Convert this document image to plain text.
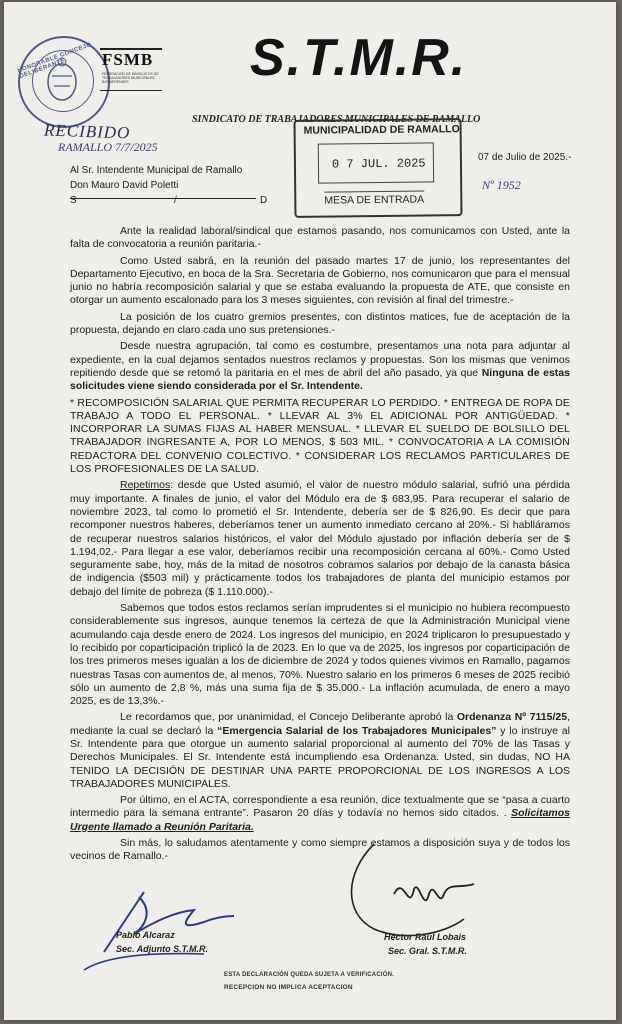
HONORABLE CONCEJO DELIBERANTE	FSMB
FEDERACION DE SINDICATOS DE TRABAJADORES MUNICIPALES BONAERENSES	S.T.M.R.
SINDICATO DE TRABAJADORES MUNICIPALES DE RAMALLO
RECIBIDO
RAMALLO 7/7/2025
MUNICIPALIDAD DE RAMALLO
0 7 JUL. 2025
MESA DE ENTRADA
Nº 1952
07 de Julio de 2025.-
Al Sr. Intendente Municipal de Ramallo
Don Mauro David Poletti
S	/	D

Ante la realidad laboral/sindical que estamos pasando, nos comunicamos con Usted, ante la falta de convocatoria a reunión paritaria.-

Como Usted sabrá, en la reunión del pasado martes 17 de junio, los representantes del Departamento Ejecutivo, en boca de la Sra. Secretaria de Gobierno, nos comunicaron que para el mensual junio no habría recomposición salarial y que se estaba evaluando la propuesta de ATE, que consiste en otorgar un aumento escalonado para los 3 meses siguientes, con revisión al final del trimestre.-

La posición de los cuatro gremios presentes, con distintos matices, fue de aceptación de la propuesta, dejando en claro cada uno sus pretensiones.-

Desde nuestra agrupación, tal como es costumbre, presentamos una nota para adjuntar al expediente, en la cual dejamos sentados nuestros reclamos y propuestas. Son los mismas que venimos repitiendo desde que se retomó la paritaria en el mes de abril del año pasado, ya que Ninguna de estas solicitudes viene siendo considerada por el Sr. Intendente.

* RECOMPOSICIÓN SALARIAL QUE PERMITA RECUPERAR LO PERDIDO. * ENTREGA DE ROPA DE TRABAJO A TODO EL PERSONAL. * LLEVAR AL 3% EL ADICIONAL POR ANTIGÜEDAD. * INCORPORAR LA SUMAS FIJAS AL HABER MENSUAL. * LLEVAR EL SUELDO DE BOLSILLO DEL TRABAJADOR INGRESANTE A, POR LO MENOS, $ 503 MIL. * CONVOCATORIA A LA COMISIÓN REDACTORA DEL CONVENIO COLECTIVO. * CONSIDERAR LOS RECLAMOS PARTICULARES DE LOS PROFESIONALES DE LA SALUD.

Repetimos: desde que Usted asumió, el valor de nuestro módulo salarial, sufrió una pérdida muy importante. A finales de junio, el valor del Módulo era de $ 683,95. Para recuperar el salario de noviembre 2023, tal como lo prometió el Sr. Intendente, debería ser de $ 826,90. Es decir que para recomponer nuestros haberes, deberíamos tener un aumento inmediato cercano al 20%.- Si hablláramos de recuperar nuestros salarios históricos, el valor del Módulo ajustado por inflación debería ser de $ 1.194,02.- Para llegar a ese valor, deberíamos recibir una recomposición cercana al 60%.- Como Usted seguramente sabe, hoy, más de la mitad de nosotros cobramos salarios por debajo de la canasta básica de indigencia ($503 mil) y prácticamente todos los trabajadores de planta del municipio estamos por debajo del límite de pobreza ($ 1.110.000).-

Sabemos que todos estos reclamos serían imprudentes si el municipio no hubiera recompuesto considerablemente sus ingresos, aunque tenemos la certeza de que la Administración Municipal viene acumulando caja desde enero de 2024. Los ingresos del municipio, en 2024 triplicaron lo presupuestado y lo recibido por coparticipación triplicó la de 2023. En lo que va de 2025, los ingresos por coparticipación de los tres primeros meses igualan a los de diciembre de 2024 y todos quienes vivimos en Ramallo, pagamos nuestras Tasas con aumentos de, al menos, 70%. Nuestro salario en los primeros 6 meses de 2025 recibió sólo un aumento de 2,8 %, más una suma fija de $ 35.000.- La inflación acumulada, de enero a mayo 2025, es de 13,3%.-

Le recordamos que, por unanimidad, el Concejo Deliberante aprobó la Ordenanza Nº 7115/25, mediante la cual se declaró la “Emergencia Salarial de los Trabajadores Municipales” y lo instruye al Sr. Intendente para que otorgue un aumento salarial proporcional al aumento del 70% de las Tasas y Derechos Municipales. El Sr. Intendente está incumpliendo esa Ordenanza. Usted, sin dudas, NO HA TENIDO LA DECISIÓN DE DESTINAR UNA PARTE PROPORCIONAL DE LOS INGRESOS A LOS TRABAJADORES MUNICIPALES.

Por último, en el ACTA, correspondiente a esa reunión, dice textualmente que se “pasa a cuarto intermedio para la semana entrante”. Pasaron 20 días y todavía no hemos sido citados. . Solicitamos Urgente llamado a Reunión Paritaria.

Sin más, lo saludamos atentamente y como siempre estamos a disposición suya y de todos los vecinos de Ramallo.-

Pablo Alcaraz
Sec. Adjunto S.T.M.R.
Héctor Raúl Lobais
Sec. Gral. S.T.M.R.
ESTA DECLARACIÓN QUEDA SUJETA A VERIFICACIÓN.
RECEPCION NO IMPLICA ACEPTACION
